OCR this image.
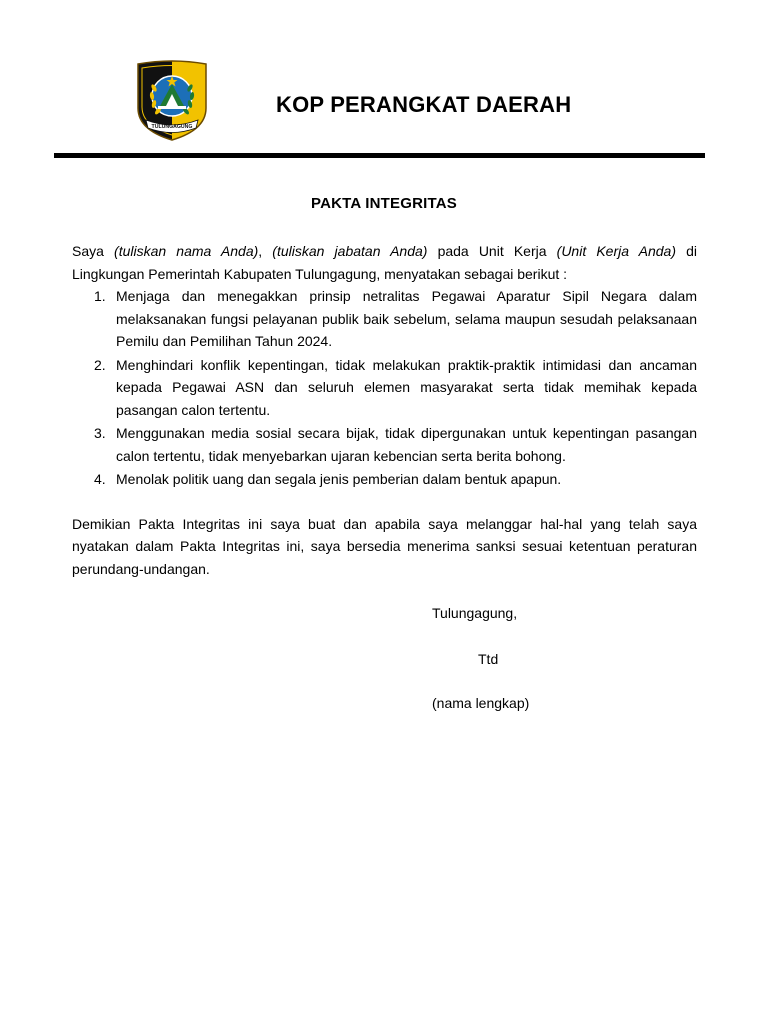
TULUNGAGUNG
KOP PERANGKAT DAERAH
PAKTA INTEGRITAS

Saya (tuliskan nama Anda), (tuliskan jabatan Anda) pada Unit Kerja (Unit Kerja Anda) di

Lingkungan Pemerintah Kabupaten Tulungagung, menyatakan sebagai berikut :

1. Menjaga dan menegakkan prinsip netralitas Pegawai Aparatur Sipil Negara dalam melaksanakan fungsi pelayanan publik baik sebelum, selama maupun sesudah pelaksanaan Pemilu dan Pemilihan Tahun 2024.
2. Menghindari konflik kepentingan, tidak melakukan praktik-praktik intimidasi dan ancaman kepada Pegawai ASN dan seluruh elemen masyarakat serta tidak memihak kepada pasangan calon tertentu.
3. Menggunakan media sosial secara bijak, tidak dipergunakan untuk kepentingan pasangan calon tertentu, tidak menyebarkan ujaran kebencian serta berita bohong.
4. Menolak politik uang dan segala jenis pemberian dalam bentuk apapun.

Demikian Pakta Integritas ini saya buat dan apabila saya melanggar hal-hal yang telah saya nyatakan dalam Pakta Integritas ini, saya bersedia menerima sanksi sesuai ketentuan peraturan perundang-undangan.

Tulungagung,
Ttd
(nama lengkap)
